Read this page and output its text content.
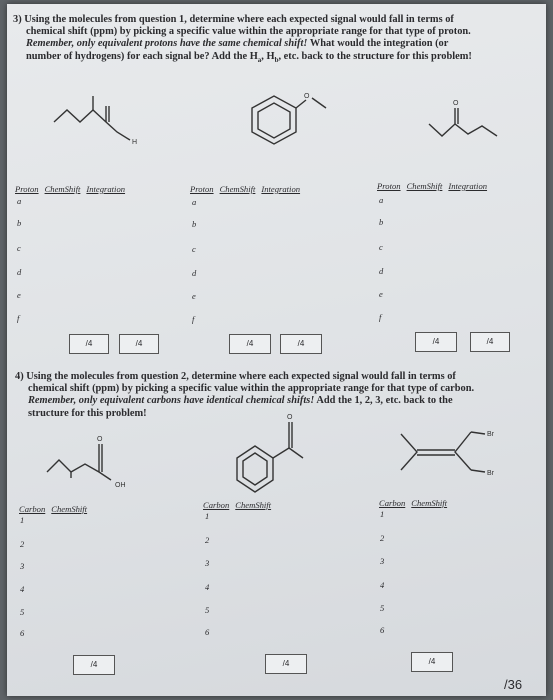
3) Using the molecules from question 1, determine where each expected signal would fall in terms of
chemical shift (ppm) by picking a specific value within the appropriate range for that type of proton.
Remember, only equivalent protons have the same chemical shift! What would the integration (or
number of hydrogens) for each signal be? Add the $H_a$, $H_b$, etc. back to the structure for this problem!
H
O
O
Proton ChemShift Integration	Proton ChemShift Integration	Proton ChemShift Integration
a
b
c
d
e
f
a
b
c
d
e
f
a
b
c
d
e
f
/4	/4	/4	/4	/4	/4
4) Using the molecules from question 2, determine where each expected signal would fall in terms of
chemical shift (ppm) by picking a specific value within the appropriate range for that type of carbon.
Remember, only equivalent carbons have identical chemical shifts! Add the 1, 2, 3, etc. back to the
structure for this problem!
O
OH
O
Br
Br
Carbon ChemShift	Carbon ChemShift	Carbon ChemShift
1
2
3
4
5
6
1
2
3
4
5
6
1
2
3
4
5
6
/4	/4	/4
/36
